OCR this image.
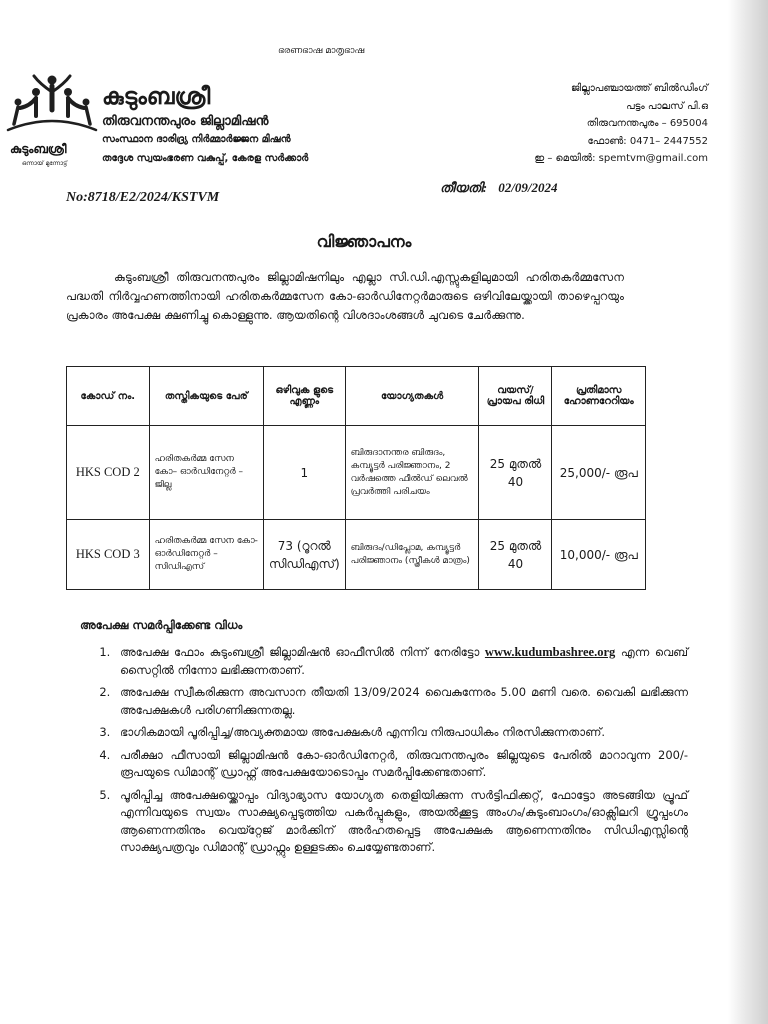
ഭരണഭാഷ മാതൃഭാഷ
കുടുംബശ്രീ
ഒന്നായ് മുന്നോട്ട്
കുടുംബശ്രീ
തിരുവനന്തപുരം ജില്ലാമിഷൻ
സംസ്ഥാന ദാരിദ്ര്യ നിർമ്മാർജ്ജന മിഷൻ
തദ്ദേശ സ്വയംഭരണ വകുപ്പ്, കേരള സർക്കാർ
ജില്ലാപഞ്ചായത്ത് ബിൽഡിംഗ്
പട്ടം പാലസ് പി.ഒ
തിരുവനന്തപുരം – 695004
ഫോൺ: 0471– 2447552
ഇ – മെയിൽ: spemtvm@gmail.com
No:8718/E2/2024/KSTVM
തീയതി: 02/09/2024
വിജ്ഞാപനം

കുടുംബശ്രീ തിരുവനന്തപുരം ജില്ലാമിഷനിലും എല്ലാ സി.ഡി.എസ്സുകളിലുമായി ഹരിതകർമ്മസേന പദ്ധതി നിർവ്വഹണത്തിനായി ഹരിതകർമ്മസേന കോ-ഓർഡിനേറ്റർമാരുടെ ഒഴിവിലേയ്ക്കായി താഴെപ്പറയും പ്രകാരം അപേക്ഷ ക്ഷണിച്ചു കൊള്ളുന്നു. ആയതിന്റെ വിശദാംശങ്ങൾ ചുവടെ ചേർക്കുന്നു.

കോഡ് നം.	തസ്തികയുടെ പേര്	ഒഴിവുക ളുടെ എണ്ണം	യോഗ്യതകൾ	വയസ്/ പ്രായപ രിധി	പ്രതിമാസ ഹോണറേറിയം
HKS COD 2	ഹരിതകർമ്മ സേന കോ– ഓർഡിനേറ്റർ – ജില്ല	1	ബിരുദാനന്തര ബിരുദം, കമ്പ്യൂട്ടർ പരിജ്ഞാനം, 2 വർഷത്തെ ഫീൽഡ് ലെവൽ പ്രവർത്തി പരിചയം	25 മുതൽ 40	25,000/- രൂപ
HKS COD 3	ഹരിതകർമ്മ സേന കോ-ഓർഡിനേറ്റർ – സിഡിഎസ്	73 (റൂറൽ സിഡിഎസ്)	ബിരുദം/ഡിപ്ലോമ, കമ്പ്യൂട്ടർ പരിജ്ഞാനം (സ്ത്രീകൾ മാത്രം)	25 മുതൽ 40	10,000/- രൂപ
അപേക്ഷ സമർപ്പിക്കേണ്ട വിധം
1. അപേക്ഷ ഫോം കുടുംബശ്രീ ജില്ലാമിഷൻ ഓഫീസിൽ നിന്ന് നേരിട്ടോ www.kudumbashree.org എന്ന വെബ് സൈറ്റിൽ നിന്നോ ലഭിക്കുന്നതാണ്.
2. അപേക്ഷ സ്വീകരിക്കുന്ന അവസാന തീയതി 13/09/2024 വൈകുന്നേരം 5.00 മണി വരെ. വൈകി ലഭിക്കുന്ന അപേക്ഷകൾ പരിഗണിക്കുന്നതല്ല.
3. ഭാഗികമായി പൂരിപ്പിച്ച/അവ്യക്തമായ അപേക്ഷകൾ എന്നിവ നിരുപാധികം നിരസിക്കുന്നതാണ്.
4. പരീക്ഷാ ഫീസായി ജില്ലാമിഷൻ കോ-ഓർഡിനേറ്റർ, തിരുവനന്തപുരം ജില്ലയുടെ പേരിൽ മാറാവുന്ന 200/- രൂപയുടെ ഡിമാന്റ് ഡ്രാഫ്റ്റ് അപേക്ഷയോടൊപ്പം സമർപ്പിക്കേണ്ടതാണ്.
5. പൂരിപ്പിച്ച അപേക്ഷയ്ക്കൊപ്പം വിദ്യാഭ്യാസ യോഗ്യത തെളിയിക്കുന്ന സർട്ടിഫിക്കറ്റ്, ഫോട്ടോ അടങ്ങിയ പ്രൂഫ് എന്നിവയുടെ സ്വയം സാക്ഷ്യപ്പെടുത്തിയ പകർപ്പുകളും, അയൽക്കൂട്ട അംഗം/കുടുംബാംഗം/ഓക്സിലറി ഗ്രൂപ്പംഗം ആണെന്നതിനും വെയ്റ്റേജ് മാർക്കിന് അർഹതപ്പെട്ട അപേക്ഷക ആണെന്നതിനും സിഡിഎസ്സിന്റെ സാക്ഷ്യപത്രവും ഡിമാന്റ് ഡ്രാഫ്റ്റും ഉള്ളടക്കം ചെയ്യേണ്ടതാണ്.
